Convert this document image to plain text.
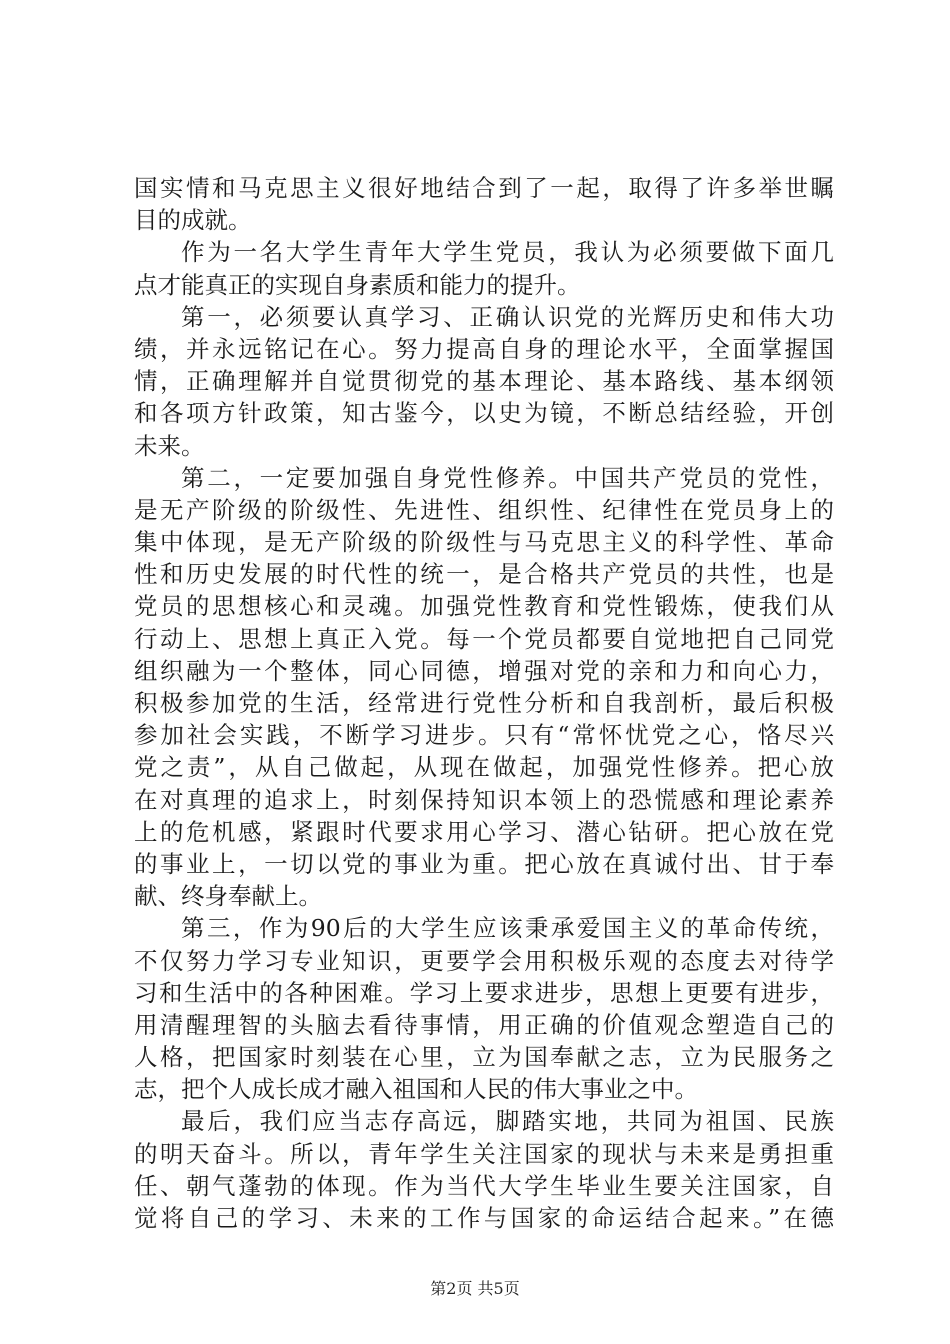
国实情和马克思主义很好地结合到了一起，取得了许多举世瞩
目的成就。
作为一名大学生青年大学生党员，我认为必须要做下面几
点才能真正的实现自身素质和能力的提升。
第一，必须要认真学习、正确认识党的光辉历史和伟大功
绩，并永远铭记在心。努力提高自身的理论水平，全面掌握国
情，正确理解并自觉贯彻党的基本理论、基本路线、基本纲领
和各项方针政策，知古鉴今，以史为镜，不断总结经验，开创
未来。
第二，一定要加强自身党性修养。中国共产党员的党性，
是无产阶级的阶级性、先进性、组织性、纪律性在党员身上的
集中体现，是无产阶级的阶级性与马克思主义的科学性、革命
性和历史发展的时代性的统一，是合格共产党员的共性，也是
党员的思想核心和灵魂。加强党性教育和党性锻炼，使我们从
行动上、思想上真正入党。每一个党员都要自觉地把自己同党
组织融为一个整体，同心同德，增强对党的亲和力和向心力，
积极参加党的生活，经常进行党性分析和自我剖析，最后积极
参加社会实践，不断学习进步。只有“常怀忧党之心，恪尽兴
党之责”，从自己做起，从现在做起，加强党性修养。把心放
在对真理的追求上，时刻保持知识本领上的恐慌感和理论素养
上的危机感，紧跟时代要求用心学习、潜心钻研。把心放在党
的事业上，一切以党的事业为重。把心放在真诚付出、甘于奉
献、终身奉献上。
第三，作为90后的大学生应该秉承爱国主义的革命传统，
不仅努力学习专业知识，更要学会用积极乐观的态度去对待学
习和生活中的各种困难。学习上要求进步，思想上更要有进步，
用清醒理智的头脑去看待事情，用正确的价值观念塑造自己的
人格，把国家时刻装在心里，立为国奉献之志，立为民服务之
志，把个人成长成才融入祖国和人民的伟大事业之中。
最后，我们应当志存高远，脚踏实地，共同为祖国、民族
的明天奋斗。所以，青年学生关注国家的现状与未来是勇担重
任、朝气蓬勃的体现。作为当代大学生毕业生要关注国家，自
觉将自己的学习、未来的工作与国家的命运结合起来。”在德
第2页 共5页
